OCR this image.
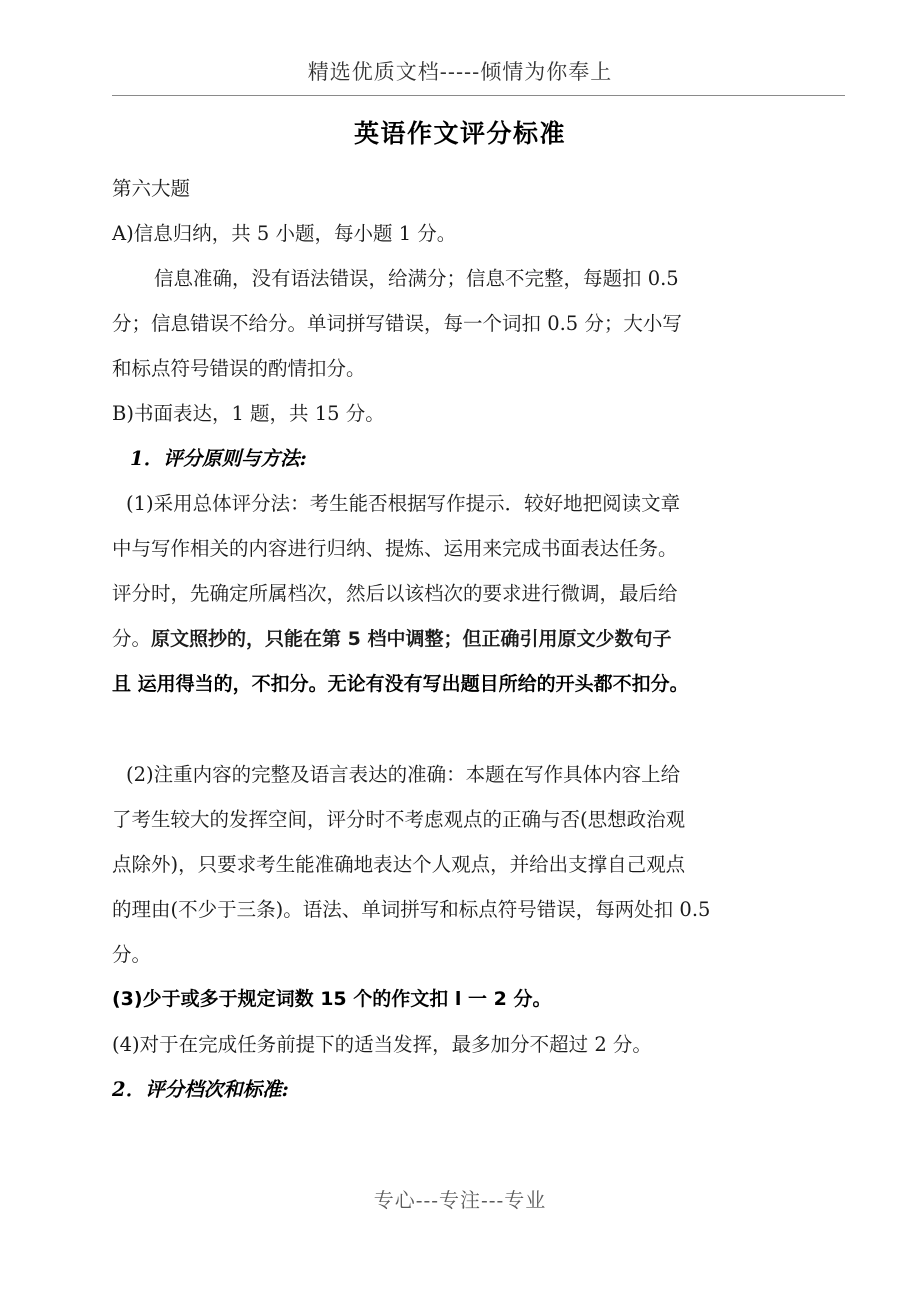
精选优质文档-----倾情为你奉上
英语作文评分标准
第六大题
A)信息归纳，共 5 小题，每小题 1 分。
信息准确，没有语法错误，给满分；信息不完整，每题扣 0.5
分；信息错误不给分。单词拼写错误，每一个词扣 0.5 分；大小写
和标点符号错误的酌情扣分。
B)书面表达，1 题，共 15 分。
1．评分原则与方法:
(1)采用总体评分法：考生能否根据写作提示．较好地把阅读文章
中与写作相关的内容进行归纳、提炼、运用来完成书面表达任务。
评分时，先确定所属档次，然后以该档次的要求进行微调，最后给
分。原文照抄的，只能在第 5 档中调整；但正确引用原文少数句子
且 运用得当的，不扣分。无论有没有写出题目所给的开头都不扣分。
(2)注重内容的完整及语言表达的准确：本题在写作具体内容上给
了考生较大的发挥空间，评分时不考虑观点的正确与否(思想政治观
点除外)，只要求考生能准确地表达个人观点，并给出支撑自己观点
的理由(不少于三条)。语法、单词拼写和标点符号错误，每两处扣 0.5
分。
(3)少于或多于规定词数 15 个的作文扣 l 一 2 分。
(4)对于在完成任务前提下的适当发挥，最多加分不超过 2 分。
2．评分档次和标准:
专心---专注---专业
